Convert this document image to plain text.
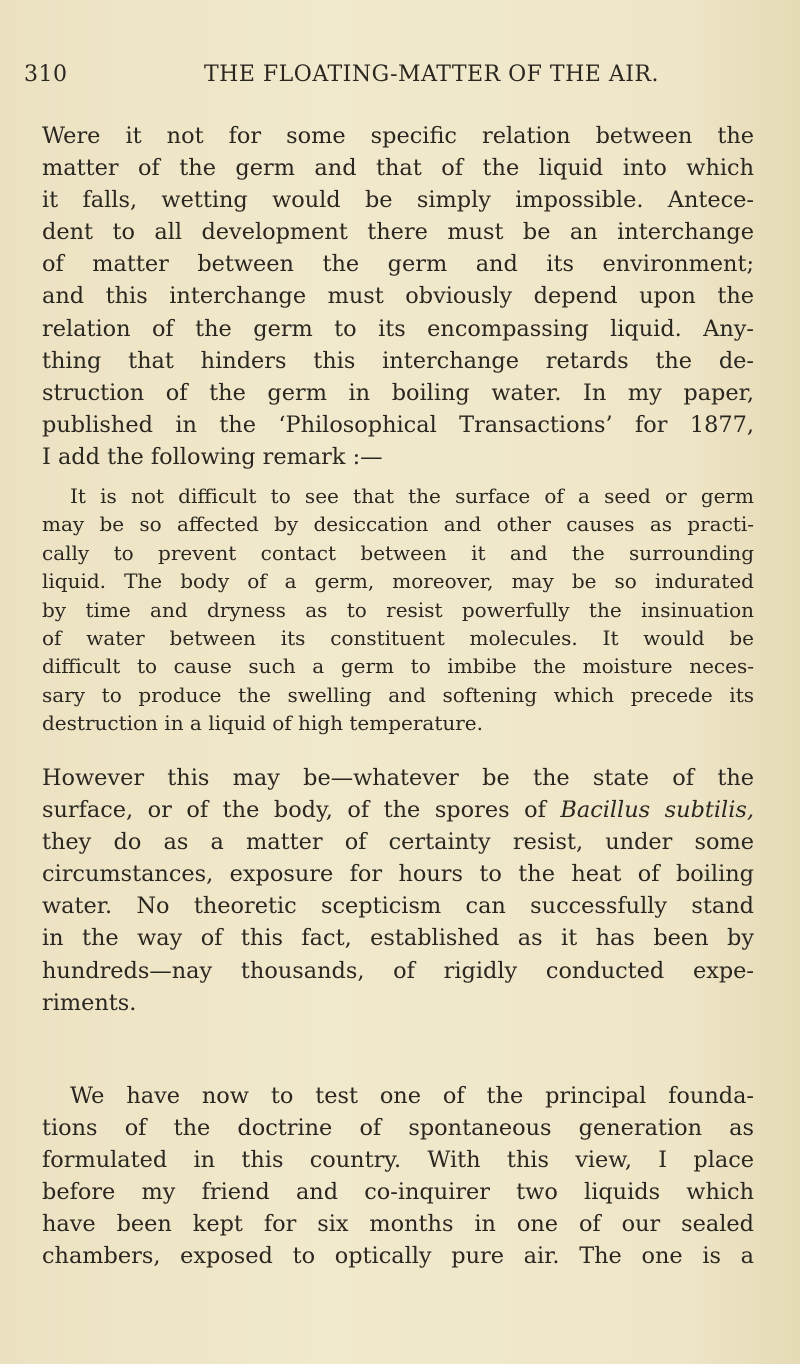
310	THE FLOATING-MATTER OF THE AIR.
Were it not for some specific relation between the
matter of the germ and that of the liquid into which
it falls, wetting would be simply impossible. Antece-
dent to all development there must be an interchange
of matter between the germ and its environment;
and this interchange must obviously depend upon the
relation of the germ to its encompassing liquid. Any-
thing that hinders this interchange retards the de-
struction of the germ in boiling water. In my paper,
published in the ‘Philosophical Transactions’ for 1877,
I add the following remark :—
It is not difficult to see that the surface of a seed or germ
may be so affected by desiccation and other causes as practi-
cally to prevent contact between it and the surrounding
liquid. The body of a germ, moreover, may be so indurated
by time and dryness as to resist powerfully the insinuation
of water between its constituent molecules. It would be
difficult to cause such a germ to imbibe the moisture neces-
sary to produce the swelling and softening which precede its
destruction in a liquid of high temperature.
However this may be—whatever be the state of the
surface, or of the body, of the spores of Bacillus subtilis,
they do as a matter of certainty resist, under some
circumstances, exposure for hours to the heat of boiling
water. No theoretic scepticism can successfully stand
in the way of this fact, established as it has been by
hundreds—nay thousands, of rigidly conducted expe-
riments.
We have now to test one of the principal founda-
tions of the doctrine of spontaneous generation as
formulated in this country. With this view, I place
before my friend and co-inquirer two liquids which
have been kept for six months in one of our sealed
chambers, exposed to optically pure air. The one is a
